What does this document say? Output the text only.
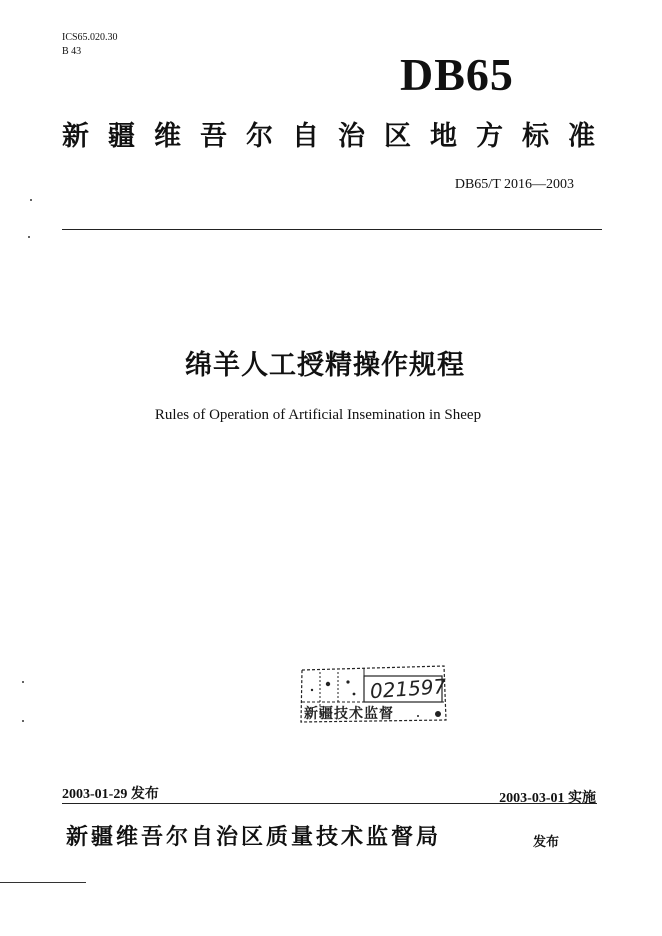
ICS65.020.30
B 43	DB65
新疆维吾尔自治区地方标准
DB65/T 2016—2003
绵羊人工授精操作规程
Rules of Operation of Artificial Insemination in Sheep
021597
新疆技术监督
2003-01-29 发布	2003-03-01 实施
新疆维吾尔自治区质量技术监督局	发布
